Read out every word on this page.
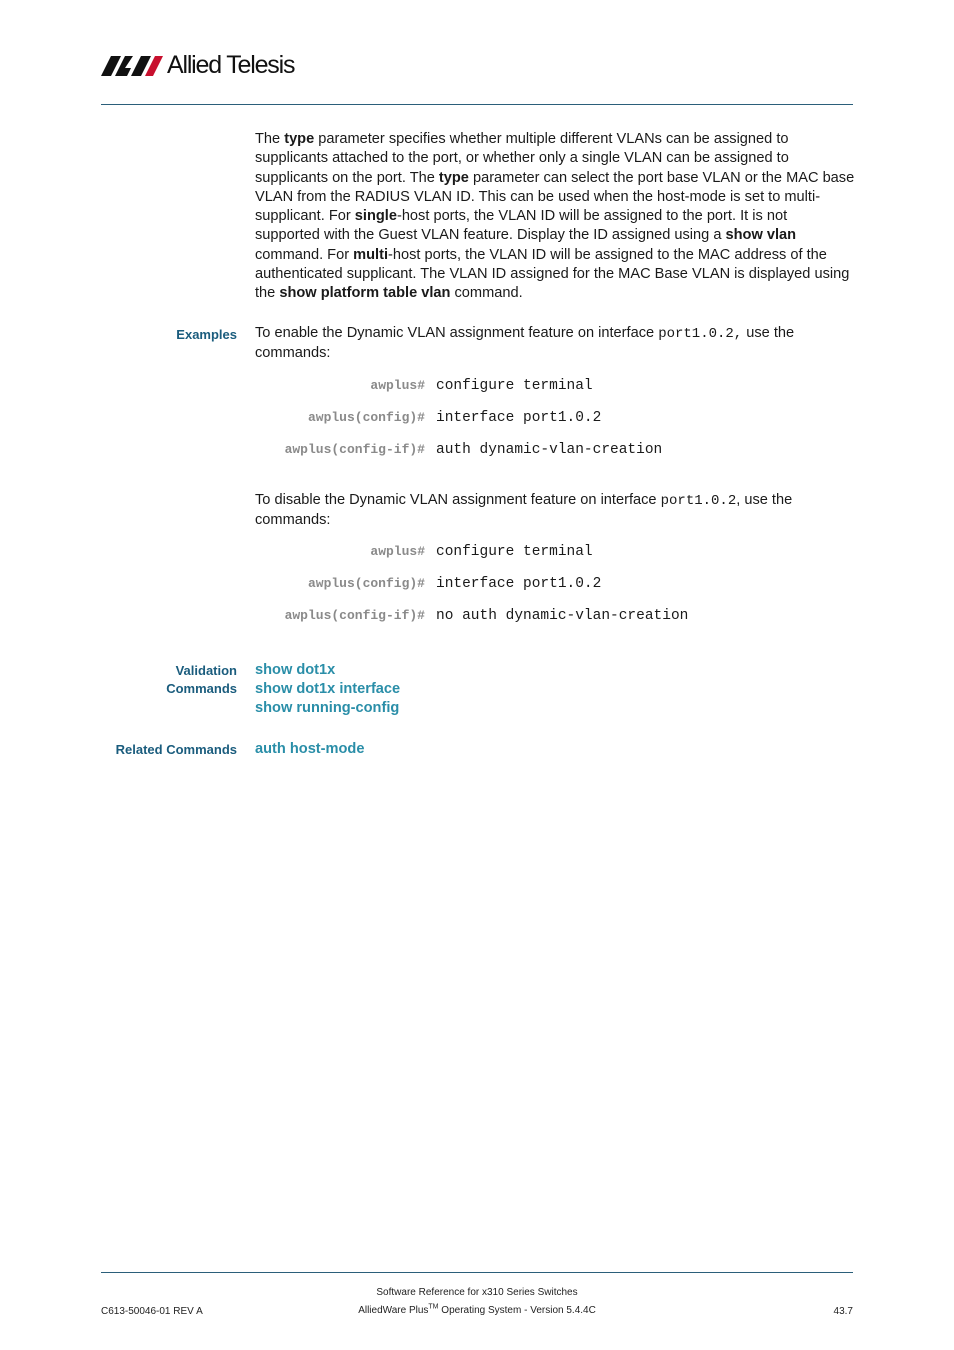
Allied Telesis
The type parameter specifies whether multiple different VLANs can be assigned to supplicants attached to the port, or whether only a single VLAN can be assigned to supplicants on the port. The type parameter can select the port base VLAN or the MAC base VLAN from the RADIUS VLAN ID. This can be used when the host-mode is set to multi-supplicant. For single-host ports, the VLAN ID will be assigned to the port. It is not supported with the Guest VLAN feature. Display the ID assigned using a show vlan command. For multi-host ports, the VLAN ID will be assigned to the MAC address of the authenticated supplicant. The VLAN ID assigned for the MAC Base VLAN is displayed using the show platform table vlan command.
Examples To enable the Dynamic VLAN assignment feature on interface port1.0.2, use the commands:
awplus# configure terminal
awplus(config)# interface port1.0.2
awplus(config-if)# auth dynamic-vlan-creation
To disable the Dynamic VLAN assignment feature on interface port1.0.2, use the commands:
awplus# configure terminal
awplus(config)# interface port1.0.2
awplus(config-if)# no auth dynamic-vlan-creation
Validation
Commands
show dot1x
show dot1x interface
show running-config
Related Commands auth host-mode
Software Reference for x310 Series Switches
AlliedWare Plus™ Operating System - Version 5.4.4C
C613-50046-01 REV A	43.7
